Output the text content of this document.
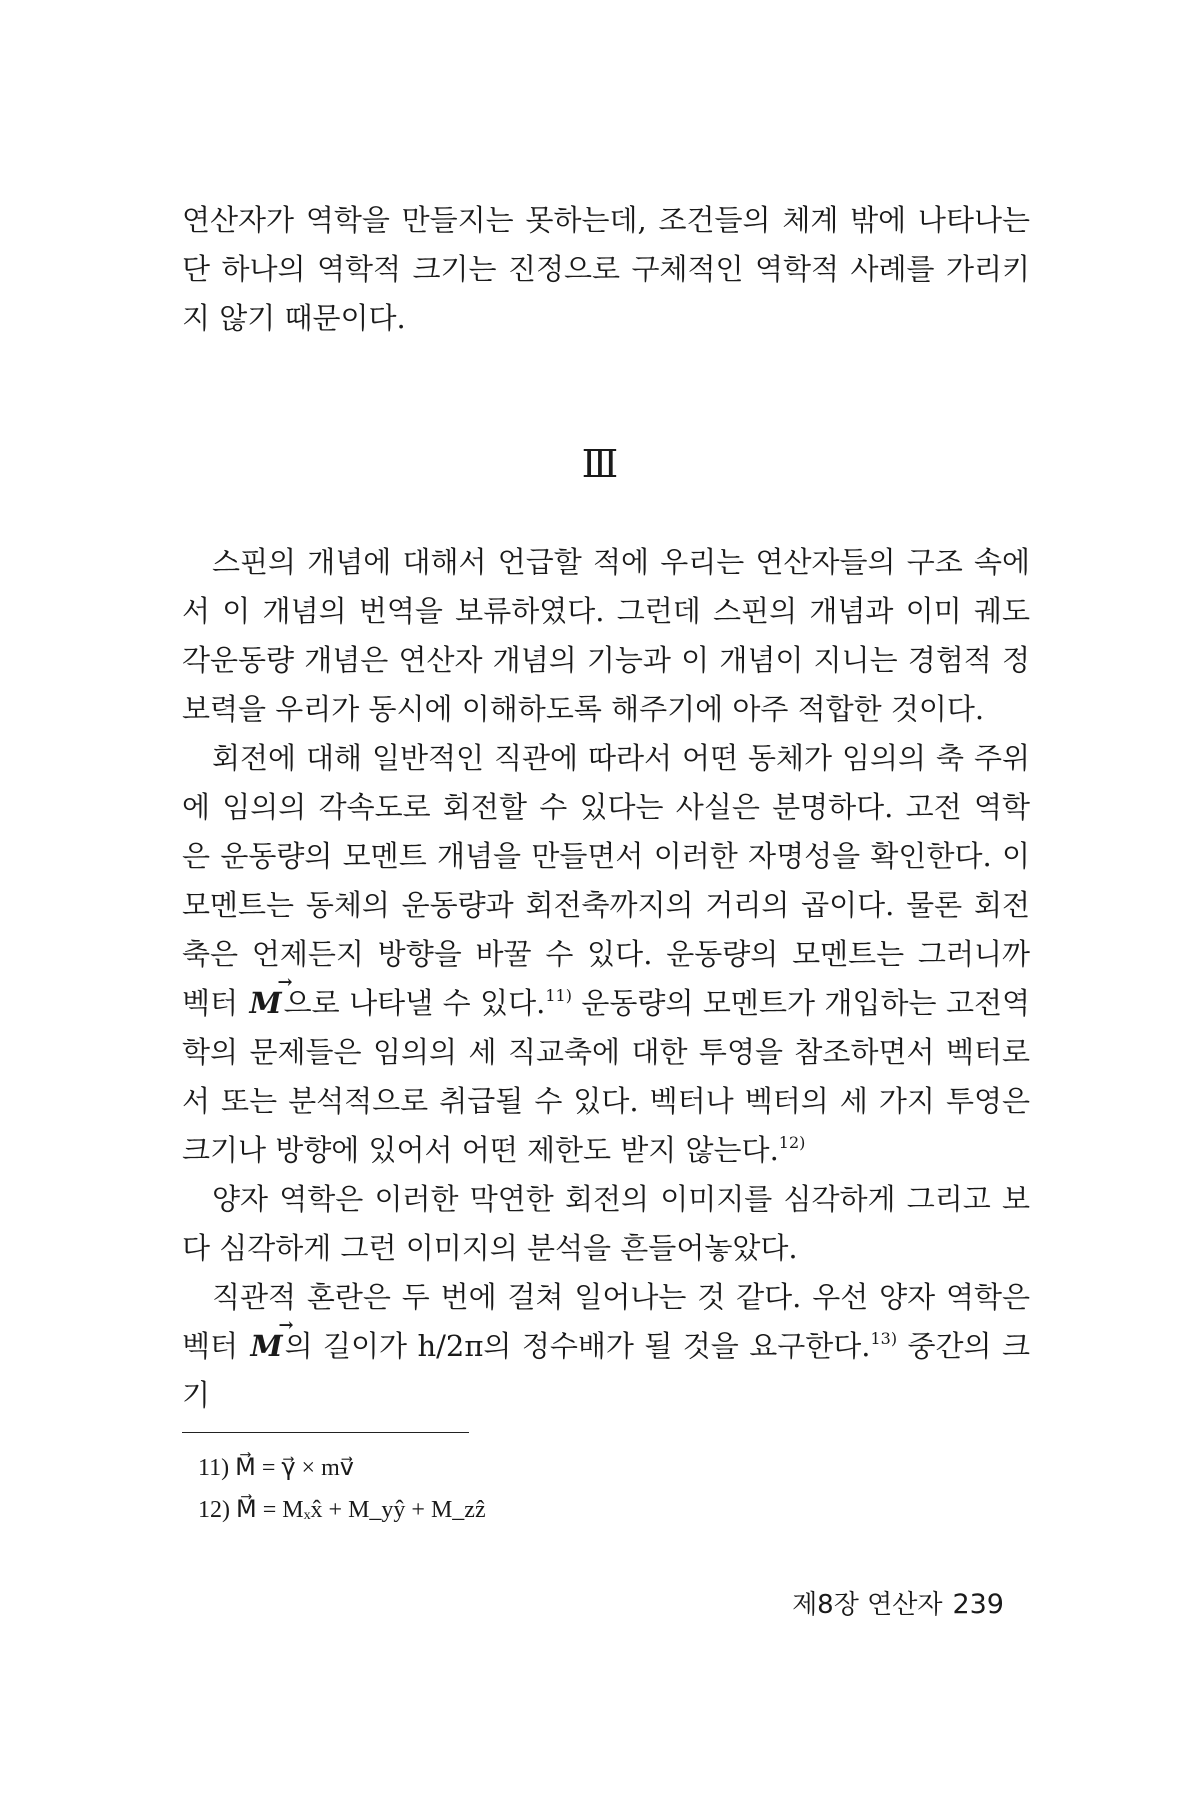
연산자가 역학을 만들지는 못하는데, 조건들의 체계 밖에 나타나는 단 하나의 역학적 크기는 진정으로 구체적인 역학적 사례를 가리키지 않기 때문이다.

Ⅲ

스핀의 개념에 대해서 언급할 적에 우리는 연산자들의 구조 속에서 이 개념의 번역을 보류하였다. 그런데 스핀의 개념과 이미 궤도각운동량 개념은 연산자 개념의 기능과 이 개념이 지니는 경험적 정보력을 우리가 동시에 이해하도록 해주기에 아주 적합한 것이다.

회전에 대해 일반적인 직관에 따라서 어떤 동체가 임의의 축 주위에 임의의 각속도로 회전할 수 있다는 사실은 분명하다. 고전 역학은 운동량의 모멘트 개념을 만들면서 이러한 자명성을 확인한다. 이 모멘트는 동체의 운동량과 회전축까지의 거리의 곱이다. 물론 회전축은 언제든지 방향을 바꿀 수 있다. 운동량의 모멘트는 그러니까 벡터
→
M으로 나타낼 수 있다.$^{11)}$ 운동량의 모멘트가 개입하는 고전역학의 문제들은 임의의 세 직교축에 대한 투영을 참조하면서 벡터로서 또는 분석적으로 취급될 수 있다. 벡터나 벡터의 세 가지 투영은 크기나 방향에 있어서 어떤 제한도 받지 않는다.$^{12)}$

양자 역학은 이러한 막연한 회전의 이미지를 심각하게 그리고 보다 심각하게 그런 이미지의 분석을 흔들어놓았다.

직관적 혼란은 두 번에 걸쳐 일어나는 것 같다. 우선 양자 역학은 벡터
→
M의 길이가 h/2π의 정수배가 될 것을 요구한다.$^{13)}$ 중간의 크기

11) M⃗ = γ⃗ × mv⃗
12) M⃗ = Mₓx̂ + M_yŷ + M_zẑ
제8장 연산자 239
